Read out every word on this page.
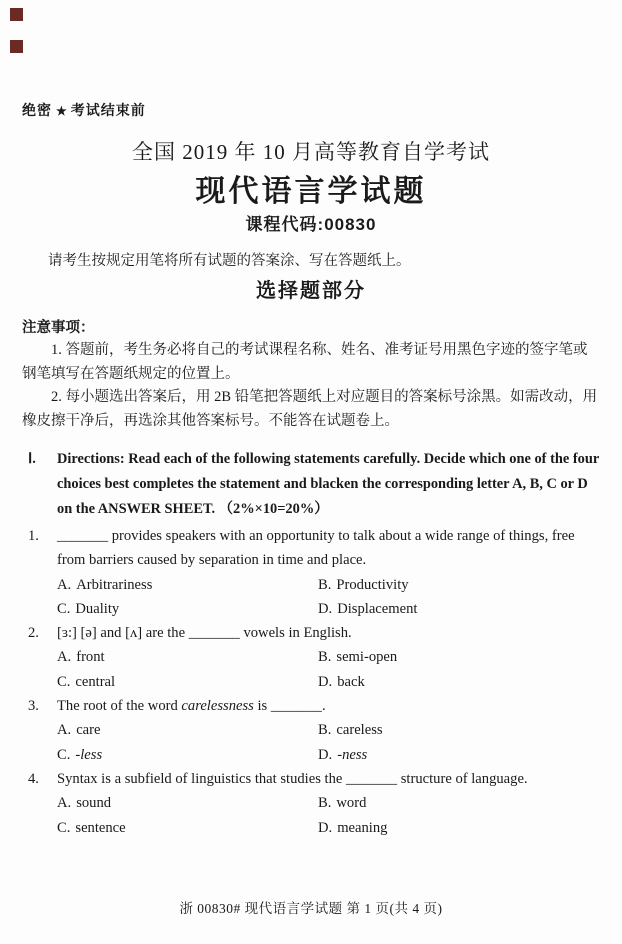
绝密 ★ 考试结束前
全国 2019 年 10 月高等教育自学考试
现代语言学试题
课程代码:00830

请考生按规定用笔将所有试题的答案涂、写在答题纸上。

选择题部分
注意事项：

1. 答题前，考生务必将自己的考试课程名称、姓名、准考证号用黑色字迹的签字笔或钢笔填写在答题纸规定的位置上。

2. 每小题选出答案后，用 2B 铅笔把答题纸上对应题目的答案标号涂黑。如需改动，用橡皮擦干净后，再选涂其他答案标号。不能答在试题卷上。

Ⅰ. Directions: Read each of the following statements carefully. Decide which one of the four choices best completes the statement and blacken the corresponding letter A, B, C or D on the ANSWER SHEET. （2%×10=20%）
1. _______ provides speakers with an opportunity to talk about a wide range of things, free from barriers caused by separation in time and place.
A. Arbitrariness	B. Productivity
C. Duality	D. Displacement
2. [ɜ:] [ə] and [ʌ] are the _______ vowels in English.
A. front	B. semi-open
C. central	D. back
3. The root of the word carelessness is _______.
A. care	B. careless
C. -less	D. -ness
4. Syntax is a subfield of linguistics that studies the _______ structure of language.
A. sound	B. word
C. sentence	D. meaning
浙 00830# 现代语言学试题 第 1 页(共 4 页)
